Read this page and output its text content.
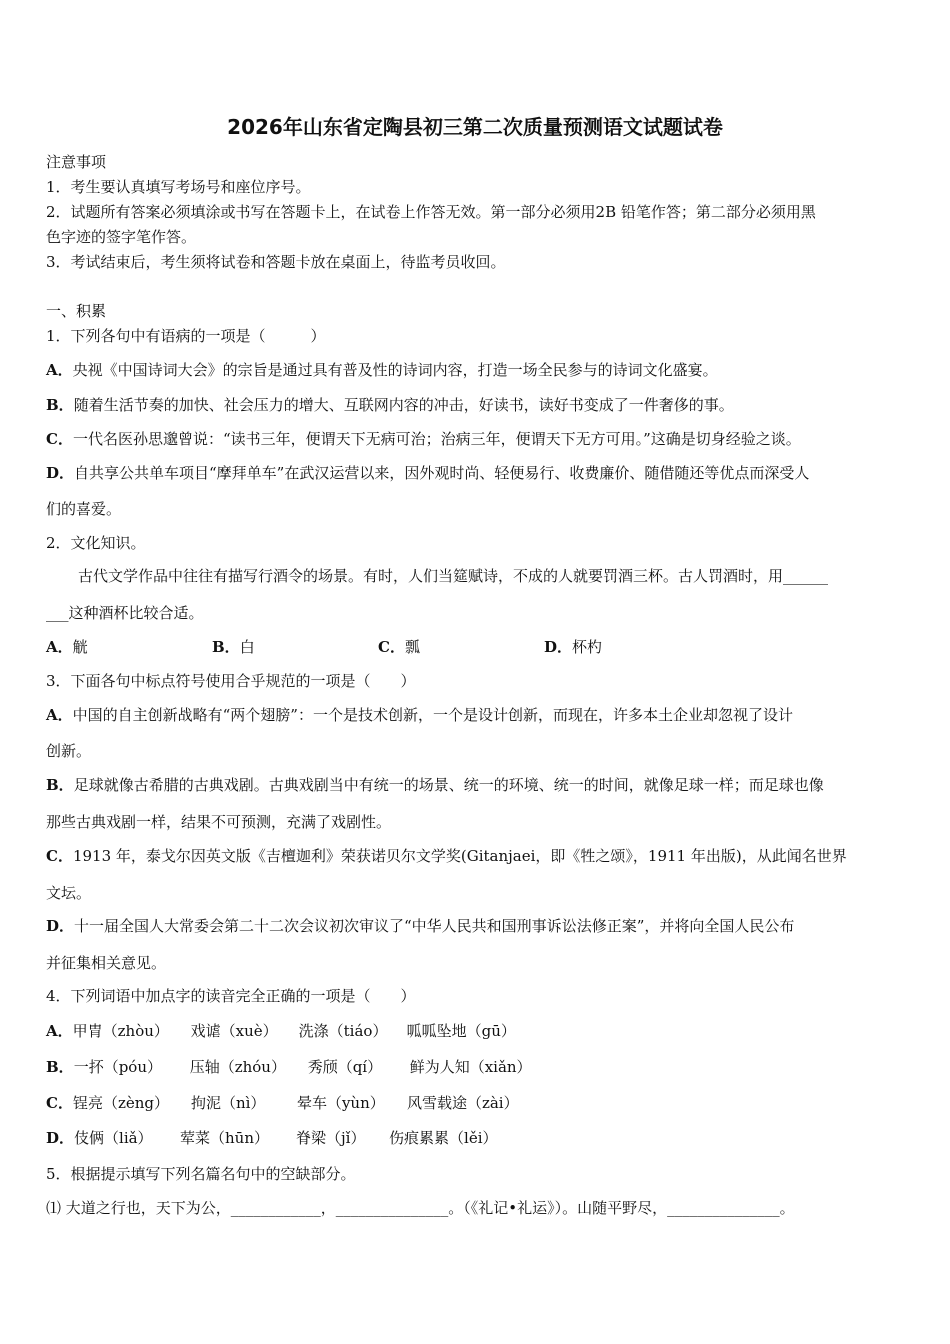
2026年山东省定陶县初三第二次质量预测语文试题试卷
注意事项
1．考生要认真填写考场号和座位序号。
2．试题所有答案必须填涂或书写在答题卡上，在试卷上作答无效。第一部分必须用2B 铅笔作答；第二部分必须用黑
色字迹的签字笔作答。
3．考试结束后，考生须将试卷和答题卡放在桌面上，待监考员收回。
一、积累
1．下列各句中有语病的一项是（　　　）
A．央视《中国诗词大会》的宗旨是通过具有普及性的诗词内容，打造一场全民参与的诗词文化盛宴。
B．随着生活节奏的加快、社会压力的增大、互联网内容的冲击，好读书，读好书变成了一件奢侈的事。
C．一代名医孙思邈曾说：“读书三年，便谓天下无病可治；治病三年，便谓天下无方可用。”这确是切身经验之谈。
D．自共享公共单车项目“摩拜单车”在武汉运营以来，因外观时尚、轻便易行、收费廉价、随借随还等优点而深受人
们的喜爱。
2．文化知识。
古代文学作品中往往有描写行酒令的场景。有时，人们当筵赋诗，不成的人就要罚酒三杯。古人罚酒时，用______
___这种酒杯比较合适。
A．觥	B．白	C．瓢	D．杯杓
3．下面各句中标点符号使用合乎规范的一项是（　　）
A．中国的自主创新战略有“两个翅膀”：一个是技术创新，一个是设计创新，而现在，许多本土企业却忽视了设计
创新。
B．足球就像古希腊的古典戏剧。古典戏剧当中有统一的场景、统一的环境、统一的时间，就像足球一样；而足球也像
那些古典戏剧一样，结果不可预测，充满了戏剧性。
C．1913 年，泰戈尔因英文版《吉檀迦利》荣获诺贝尔文学奖(Gitanjaei，即《牲之颂》，1911 年出版)，从此闻名世界
文坛。
D．十一届全国人大常委会第二十二次会议初次审议了“中华人民共和国刑事诉讼法修正案”，并将向全国人民公布
并征集相关意见。
4．下列词语中加点字的读音完全正确的一项是（　　）
A．甲胄（zhòu） 戏谑（xuè） 洗涤（tiáo） 呱呱坠地（gū）
B．一抔（póu） 压轴（zhóu） 秀颀（qí） 鲜为人知（xiǎn）
C．锃亮（zèng） 拘泥（nì） 晕车（yùn） 风雪载途（zài）
D．伎俩（liǎ） 荤菜（hūn） 脊梁（jǐ） 伤痕累累（lěi）
5．根据提示填写下列名篇名句中的空缺部分。
⑴ 大道之行也，天下为公，____________，_______________。（《礼记•礼运》）。山随平野尽，_______________。
